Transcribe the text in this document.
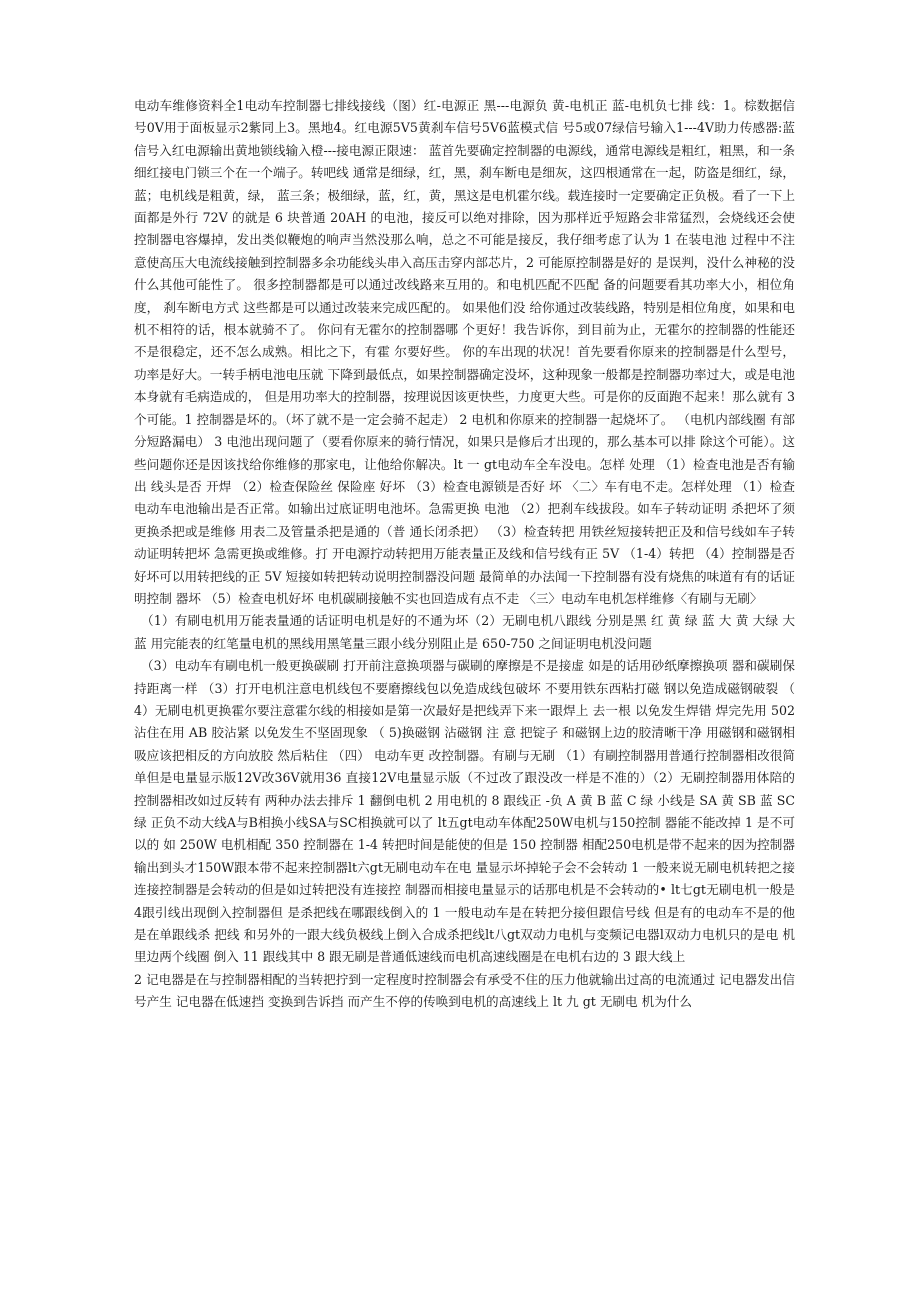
电动车维修资料全1电动车控制器七排线接线（图）红-电源正 黑---电源负 黄-电机正 蓝-电机负七排 线：1。棕数据信号0V用于面板显示2紫同上3。黑地4。红电源5V5黄刹车信号5V6蓝模式信 号5或07绿信号输入1---4V助力传感器:蓝信号入红电源输出黄地锁线输入橙---接电源正限速： 蓝首先要确定控制器的电源线，通常电源线是粗红，粗黑，和一条细红接电门锁三个在一个端子。转吧线 通常是细绿，红，黑，刹车断电是细灰，这四根通常在一起，防盗是细红，绿，蓝；电机线是粗黄，绿， 蓝三条；极细绿，蓝，红，黄，黑这是电机霍尔线。载连接时一定要确定正负极。看了一下上面都是外行 72V 的就是 6 块普通 20AH 的电池，接反可以绝对排除，因为那样近乎短路会非常猛烈，会烧线还会使 控制器电容爆掉，发出类似鞭炮的响声当然没那么响，总之不可能是接反，我仔细考虑了认为 1 在装电池 过程中不注意使高压大电流线接触到控制器多余功能线头串入高压击穿内部芯片，2 可能原控制器是好的 是误判，没什么神秘的没什么其他可能性了。 很多控制器都是可以通过改线路来互用的。和电机匹配不匹配 备的问题要看其功率大小，相位角度， 刹车断电方式 这些都是可以通过改装来完成匹配的。 如果他们没 给你通过改装线路，特别是相位角度，如果和电机不相符的话，根本就骑不了。 你问有无霍尔的控制器哪 个更好！我告诉你，到目前为止，无霍尔的控制器的性能还不是很稳定，还不怎么成熟。相比之下，有霍 尔要好些。 你的车出现的状况！首先要看你原来的控制器是什么型号，功率是好大。一转手柄电池电压就 下降到最低点，如果控制器确定没坏，这种现象一般都是控制器功率过大，或是电池本身就有毛病造成的， 但是用功率大的控制器，按理说因该更快些，力度更大些。可是你的反面跑不起来！那么就有 3 个可能。1 控制器是坏的。（坏了就不是一定会骑不起走） 2 电机和你原来的控制器一起烧坏了。 （电机内部线圈 有部分短路漏电） 3 电池出现问题了（要看你原来的骑行情况，如果只是修后才出现的，那么基本可以排 除这个可能）。这些问题你还是因该找给你维修的那家电，让他给你解决。lt 一 gt电动车全车没电。怎样 处理 （1）检查电池是否有输出 线头是否 开焊 （2）检查保险丝 保险座 好坏 （3）检查电源锁是否好 坏 〈二〉车有电不走。怎样处理 （1）检查电动车电池输出是否正常。如输出过底证明电池坏。急需更换 电池 （2）把刹车线拔段。如车子转动证明 杀把坏了须更换杀把或是维修 用表二及管量杀把是通的（普 通长闭杀把） （3）检查转把 用铁丝短接转把正及和信号线如车子转动证明转把坏 急需更换或维修。打 开电源拧动转把用万能表量正及线和信号线有正 5V （1-4）转把 （4）控制器是否好坏可以用转把线的正 5V 短接如转把转动说明控制器没问题 最简单的办法闻一下控制器有没有烧焦的味道有有的话证明控制 器坏 （5）检查电机好坏 电机碳刷接触不实也回造成有点不走 〈三〉电动车电机怎样维修〈有刷与无刷〉

（1）有刷电机用万能表量通的话证明电机是好的不通为坏（2）无刷电机八跟线 分别是黑 红 黄 绿 蓝 大 黄 大绿 大蓝 用完能表的红笔量电机的黑线用黑笔量三跟小线分别阻止是 650-750 之间证明电机没问题

（3）电动车有刷电机一般更换碳刷 打开前注意换项器与碳刷的摩擦是不是接虚 如是的话用砂纸摩擦换项 器和碳刷保持距离一样 （3）打开电机注意电机线包不要磨擦线包以免造成线包破坏 不要用铁东西粘打磁 钢以免造成磁钢破裂 （4）无刷电机更换霍尔要注意霍尔线的相接如是第一次最好是把线弄下来一跟焊上 去一根 以免发生焊错 焊完先用 502 沾住在用 AB 胶沾紧 以免发生不坚固现象 （ 5)换磁钢 沾磁钢 注 意 把锭子 和磁钢上边的胶清晰干净 用磁钢和磁钢相吸应该把相反的方向放胶 然后粘住 （四） 电动车更 改控制器。有刷与无刷 （1）有刷控制器用普通行控制器相改很简单但是电量显示版12V改36V就用36 直接12V电量显示版（不过改了跟没改一样是不准的）（2）无刷控制器用体陪的控制器相改如过反转有 两种办法去排斥 1 翻倒电机 2 用电机的 8 跟线正 -负 A 黄 B 蓝 C 绿 小线是 SA 黄 SB 蓝 SC 绿 正负不动大线A与B相换小线SA与SC相换就可以了 lt五gt电动车体配250W电机与150控制 器能不能改掉 1 是不可以的 如 250W 电机相配 350 控制器在 1-4 转把时间是能使的但是 150 控制器 相配250电机是带不起来的因为控制器输出到头才150W跟本带不起来控制器lt六gt无刷电动车在电 量显示坏掉轮子会不会转动 1 一般来说无刷电机转把之接连接控制器是会转动的但是如过转把没有连接控 制器而相接电量显示的话那电机是不会转动的• lt七gt无刷电机一般是4跟引线出现倒入控制器但 是杀把线在哪跟线倒入的 1 一般电动车是在转把分接但跟信号线 但是有的电动车不是的他是在单跟线杀 把线 和另外的一跟大线负极线上倒入合成杀把线lt八gt双动力电机与变频记电器l双动力电机只的是电 机里边两个线圈 倒入 11 跟线其中 8 跟无刷是普通低速线而电机高速线圈是在电机右边的 3 跟大线上

2 记电器是在与控制器相配的当转把拧到一定程度时控制器会有承受不住的压力他就输出过高的电流通过 记电器发出信号产生 记电器在低速挡 变换到告诉挡 而产生不停的传唤到电机的高速线上 lt 九 gt 无刷电 机为什么
